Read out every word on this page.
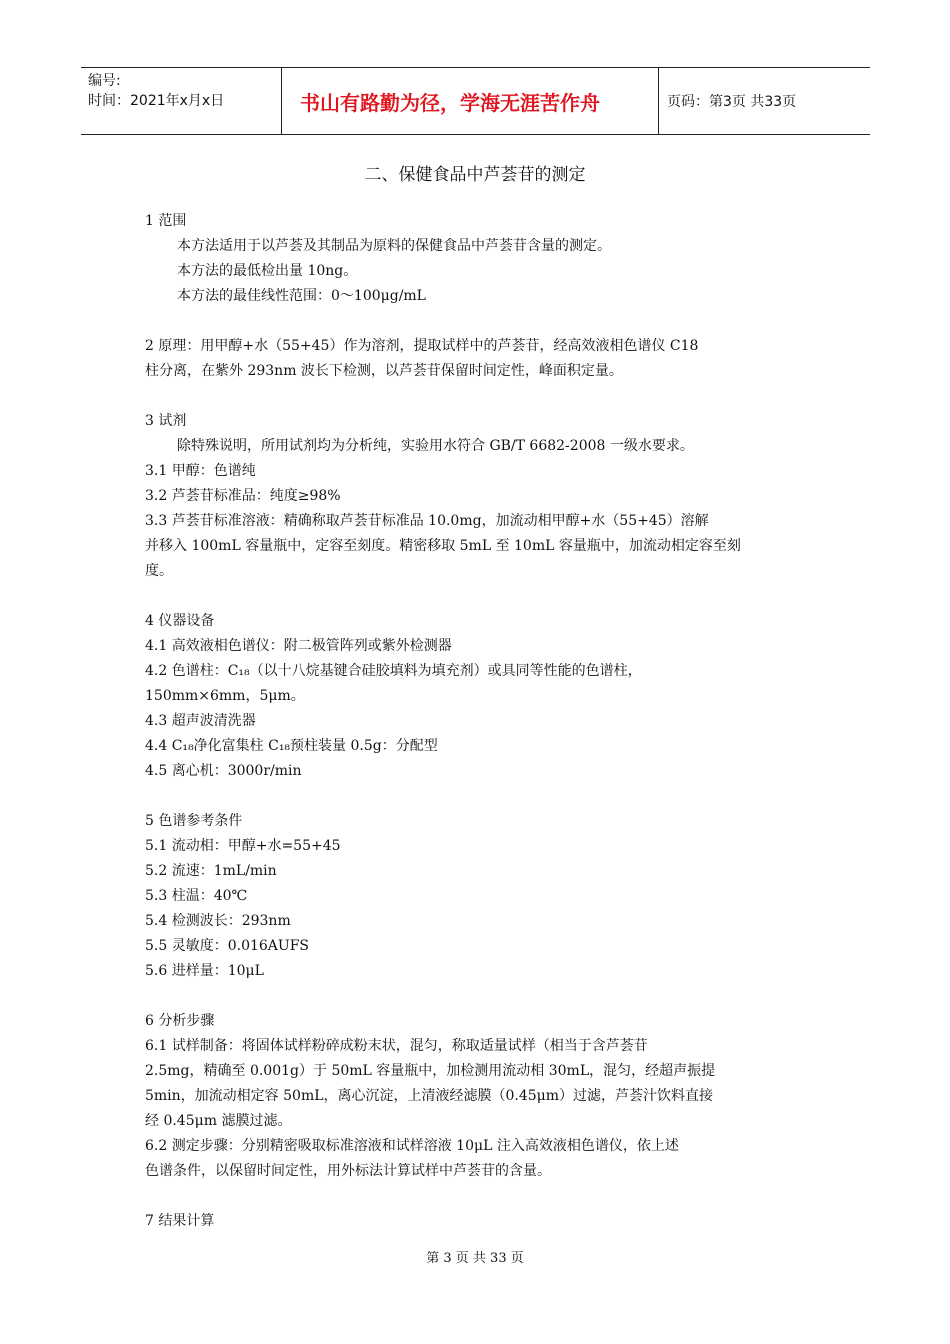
编号:
时间：2021年x月x日	书山有路勤为径，学海无涯苦作舟	页码：第3页 共33页
二、保健食品中芦荟苷的测定

1 范围

本方法适用于以芦荟及其制品为原料的保健食品中芦荟苷含量的测定。

本方法的最低检出量 10ng。

本方法的最佳线性范围：0～100μg/mL

2 原理：用甲醇+水（55+45）作为溶剂，提取试样中的芦荟苷，经高效液相色谱仪 C18

柱分离，在紫外 293nm 波长下检测，以芦荟苷保留时间定性，峰面积定量。

3 试剂

除特殊说明，所用试剂均为分析纯，实验用水符合 GB/T 6682-2008 一级水要求。

3.1 甲醇：色谱纯

3.2 芦荟苷标准品：纯度≥98%

3.3 芦荟苷标准溶液：精确称取芦荟苷标准品 10.0mg，加流动相甲醇+水（55+45）溶解

并移入 100mL 容量瓶中，定容至刻度。精密移取 5mL 至 10mL 容量瓶中，加流动相定容至刻

度。

4 仪器设备

4.1 高效液相色谱仪：附二极管阵列或紫外检测器

4.2 色谱柱：C₁₈（以十八烷基键合硅胶填料为填充剂）或具同等性能的色谱柱，

150mm×6mm，5μm。

4.3 超声波清洗器

4.4 C₁₈净化富集柱 C₁₈预柱装量 0.5g：分配型

4.5 离心机：3000r/min

5 色谱参考条件

5.1 流动相：甲醇+水=55+45

5.2 流速：1mL/min

5.3 柱温：40℃

5.4 检测波长：293nm

5.5 灵敏度：0.016AUFS

5.6 进样量：10μL

6 分析步骤

6.1 试样制备：将固体试样粉碎成粉末状，混匀，称取适量试样（相当于含芦荟苷

2.5mg，精确至 0.001g）于 50mL 容量瓶中，加检测用流动相 30mL，混匀，经超声振提

5min，加流动相定容 50mL，离心沉淀，上清液经滤膜（0.45μm）过滤，芦荟汁饮料直接

经 0.45μm 滤膜过滤。

6.2 测定步骤：分别精密吸取标准溶液和试样溶液 10μL 注入高效液相色谱仪，依上述

色谱条件，以保留时间定性，用外标法计算试样中芦荟苷的含量。

7 结果计算

第 3 页 共 33 页
